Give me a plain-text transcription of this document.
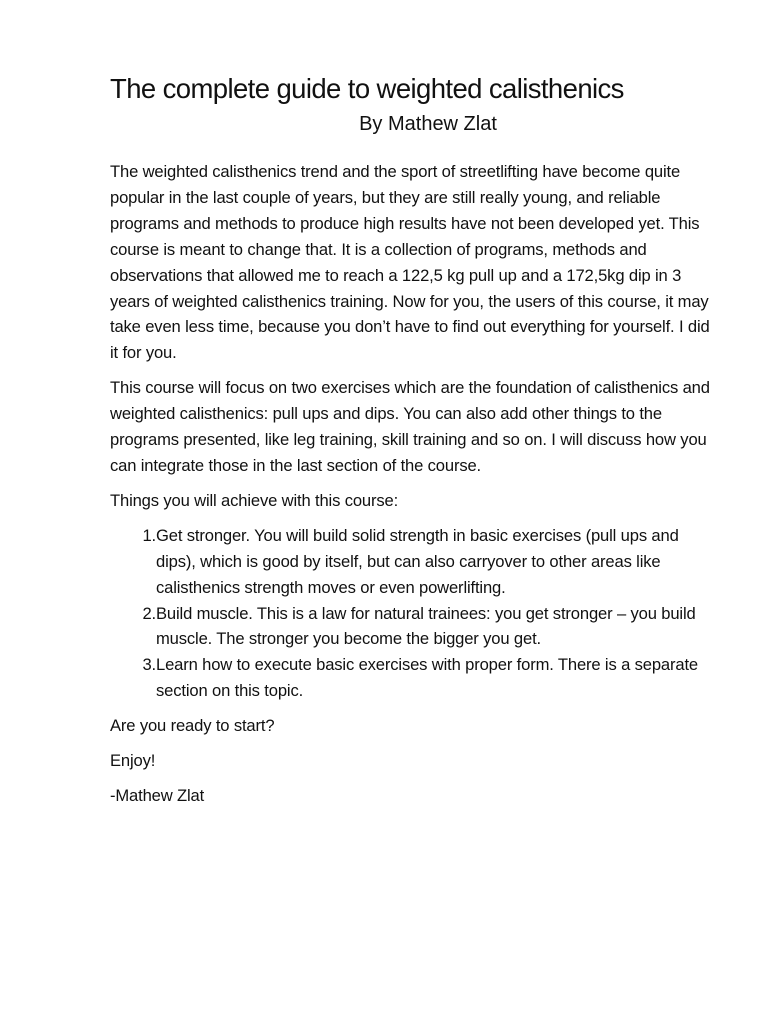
The complete guide to weighted calisthenics
By Mathew Zlat

The weighted calisthenics trend and the sport of streetlifting have become quite popular in the last couple of years, but they are still really young, and reliable programs and methods to produce high results have not been developed yet. This course is meant to change that. It is a collection of programs, methods and observations that allowed me to reach a 122,5 kg pull up and a 172,5kg dip in 3 years of weighted calisthenics training. Now for you, the users of this course, it may take even less time, because you don’t have to find out everything for yourself. I did it for you.

This course will focus on two exercises which are the foundation of calisthenics and weighted calisthenics: pull ups and dips. You can also add other things to the programs presented, like leg training, skill training and so on. I will discuss how you can integrate those in the last section of the course.

Things you will achieve with this course:

1. Get stronger. You will build solid strength in basic exercises (pull ups and dips), which is good by itself, but can also carryover to other areas like calisthenics strength moves or even powerlifting.
2. Build muscle. This is a law for natural trainees: you get stronger – you build muscle. The stronger you become the bigger you get.
3. Learn how to execute basic exercises with proper form. There is a separate section on this topic.

Are you ready to start?

Enjoy!

-Mathew Zlat
